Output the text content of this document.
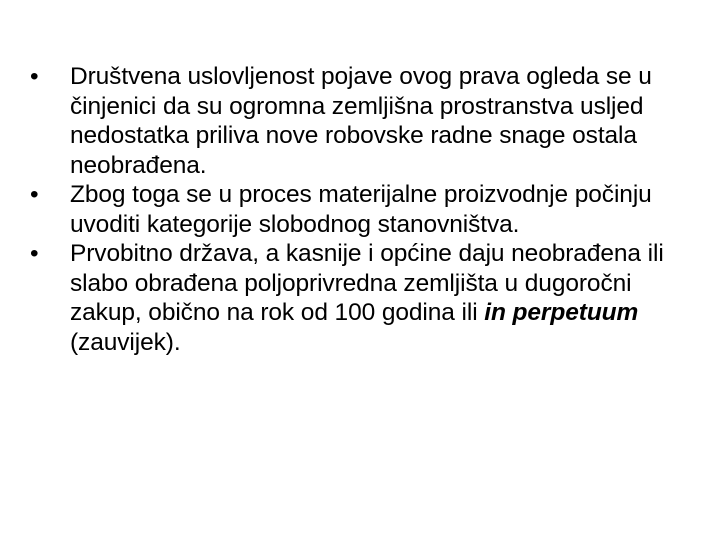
•	Društvena uslovljenost pojave ovog prava ogleda se u činjenici da su ogromna zemljišna prostranstva usljed nedostatka priliva nove robovske radne snage ostala neobrađena.
•	Zbog toga se u proces materijalne proizvodnje počinju uvoditi kategorije slobodnog stanovništva.
•	Prvobitno država, a kasnije i općine daju neobrađena ili slabo obrađena poljoprivredna zemljišta u dugoročni zakup, obično na rok od 100 godina ili in perpetuum (zauvijek).
